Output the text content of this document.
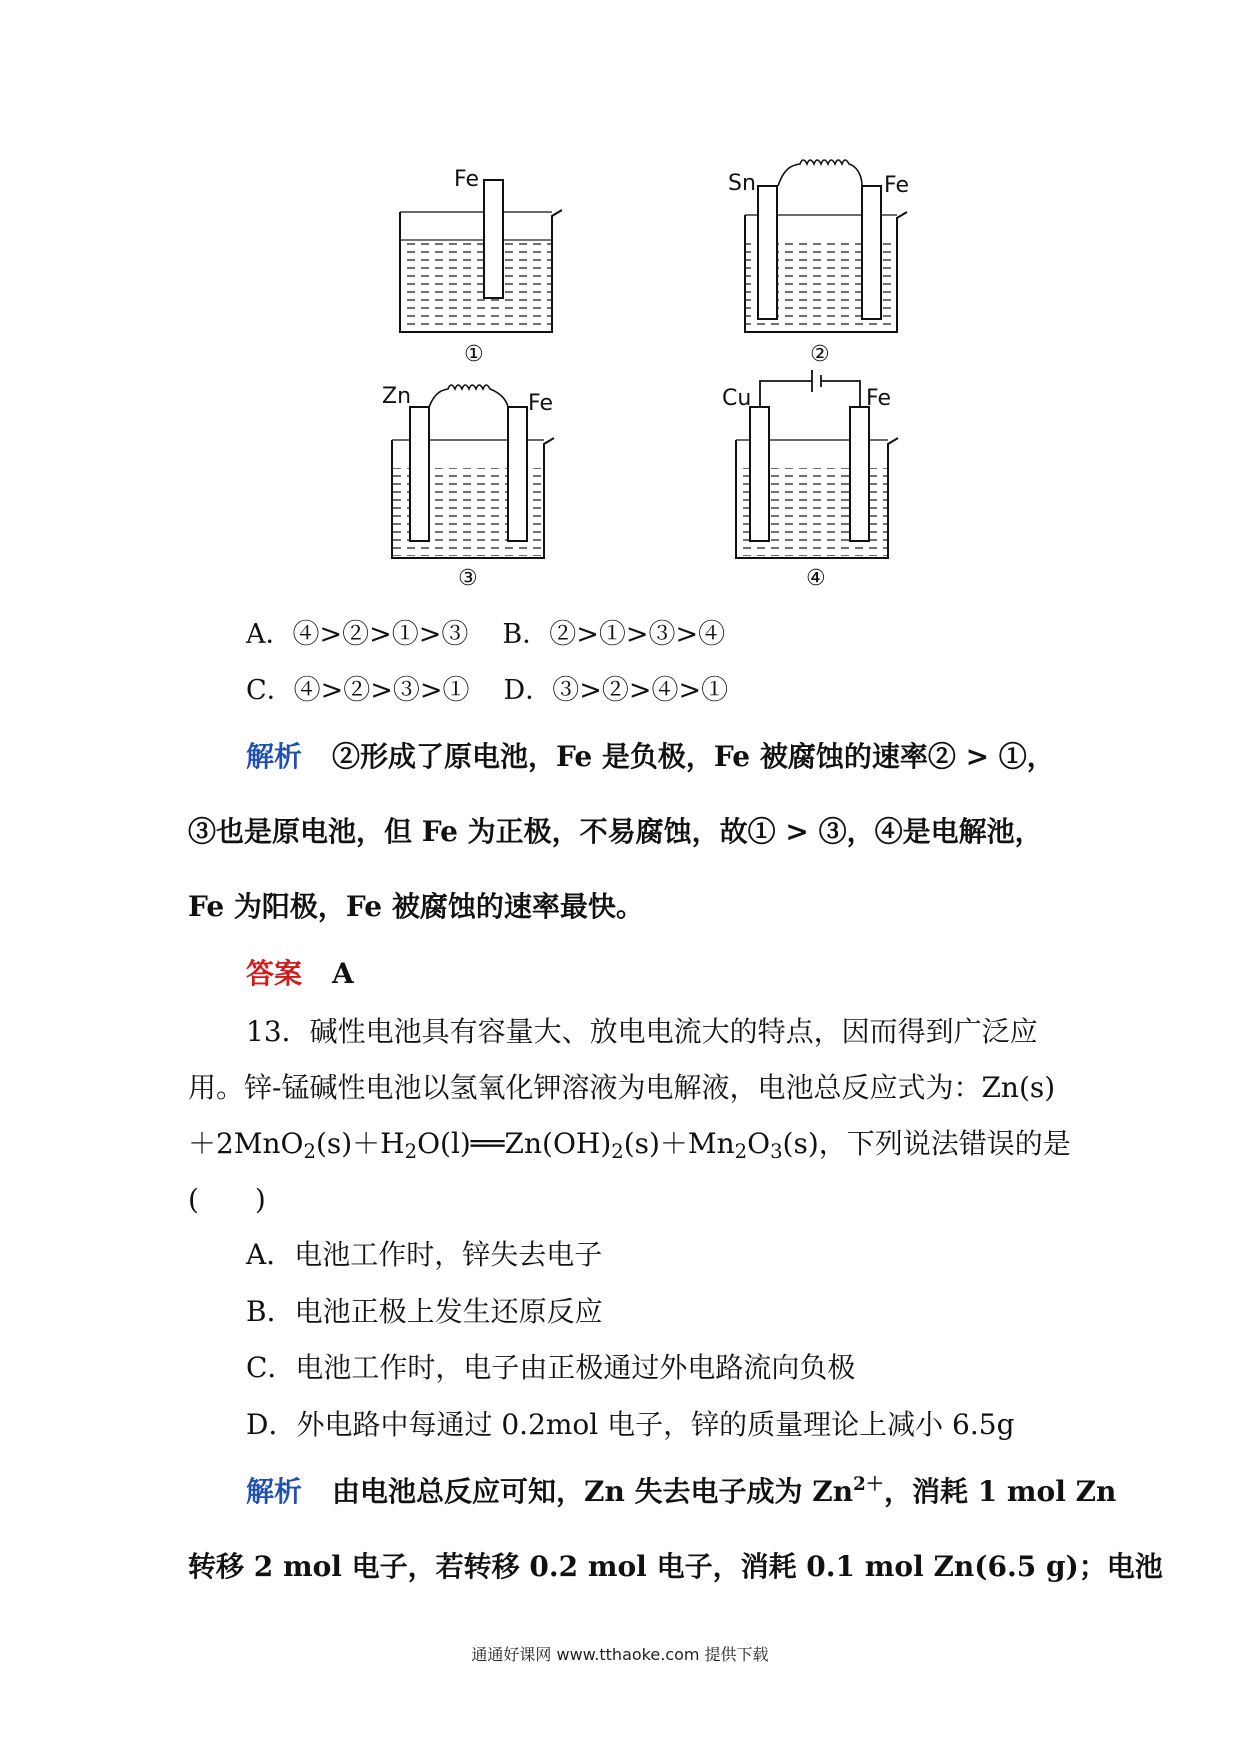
Fe
①
Sn	Fe
②
Zn	Fe
③
Cu	Fe
④
A．④>②>①>③ B．②>①>③>④
C．④>②>③>① D．③>②>④>①
解析 ②形成了原电池，Fe 是负极，Fe 被腐蚀的速率② > ①，
③也是原电池，但 Fe 为正极，不易腐蚀，故① > ③，④是电解池，
Fe 为阳极，Fe 被腐蚀的速率最快。
答案 A
13．碱性电池具有容量大、放电电流大的特点，因而得到广泛应
用。锌-锰碱性电池以氢氧化钾溶液为电解液，电池总反应式为：Zn(s)
$+2MnO_2(s)+H_2O(l)══Zn(OH)_2(s)+Mn_2O_3(s)$，下列说法错误的是
(　　)
A．电池工作时，锌失去电子
B．电池正极上发生还原反应
C．电池工作时，电子由正极通过外电路流向负极
D．外电路中每通过 0.2mol 电子，锌的质量理论上减小 6.5g
解析 由电池总反应可知，Zn 失去电子成为 $Zn^{2+}$，消耗 1 mol Zn
转移 2 mol 电子，若转移 0.2 mol 电子，消耗 0.1 mol Zn(6.5 g)；电池
通通好课网 www.tthaoke.com 提供下载
